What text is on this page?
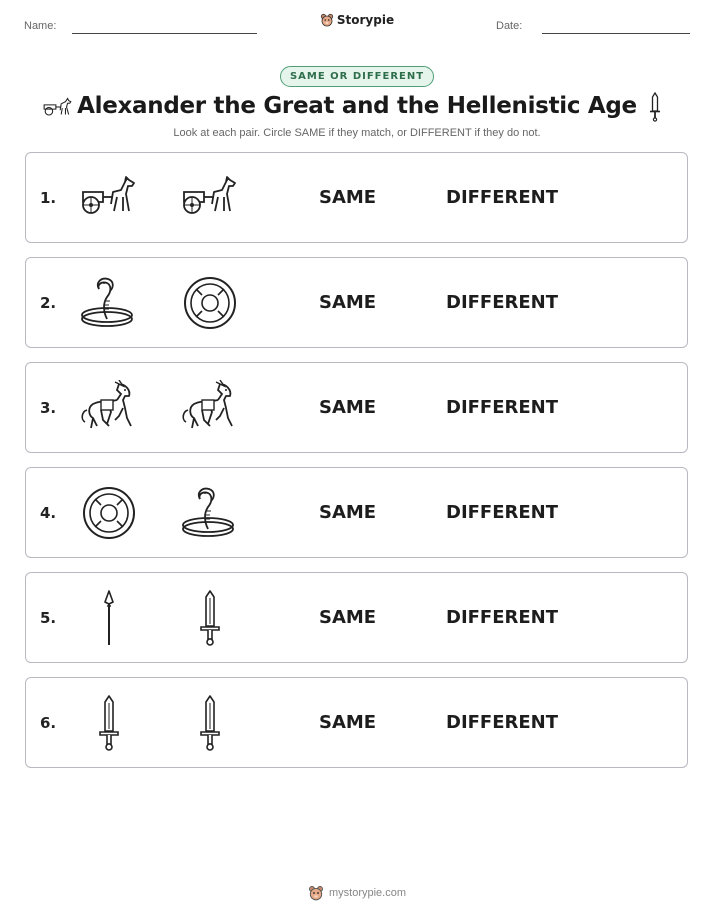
Name:	Storypie	Date:
SAME OR DIFFERENT
Alexander the Great and the Hellenistic Age
Look at each pair. Circle SAME if they match, or DIFFERENT if they do not.
1.	SAME	DIFFERENT
2.	SAME	DIFFERENT
3.	SAME	DIFFERENT
4.	SAME	DIFFERENT
5.	SAME	DIFFERENT
6.	SAME	DIFFERENT
mystorypie.com
